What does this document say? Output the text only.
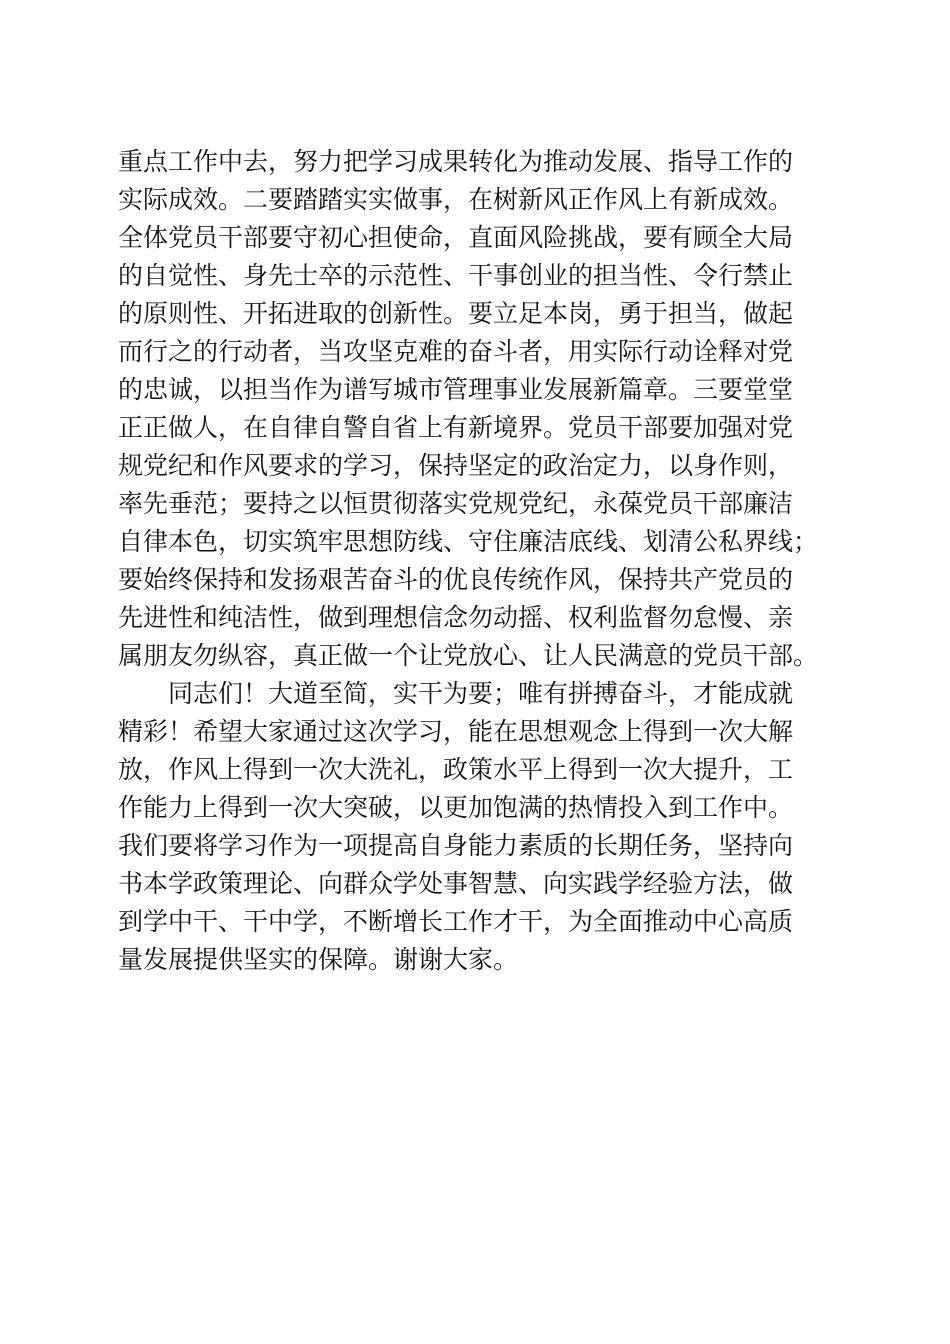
重点工作中去，努力把学习成果转化为推动发展、指导工作的
实际成效。二要踏踏实实做事，在树新风正作风上有新成效。
全体党员干部要守初心担使命，直面风险挑战，要有顾全大局
的自觉性、身先士卒的示范性、干事创业的担当性、令行禁止
的原则性、开拓进取的创新性。要立足本岗，勇于担当，做起
而行之的行动者，当攻坚克难的奋斗者，用实际行动诠释对党
的忠诚，以担当作为谱写城市管理事业发展新篇章。三要堂堂
正正做人，在自律自警自省上有新境界。党员干部要加强对党
规党纪和作风要求的学习，保持坚定的政治定力，以身作则，
率先垂范；要持之以恒贯彻落实党规党纪，永葆党员干部廉洁
自律本色，切实筑牢思想防线、守住廉洁底线、划清公私界线；
要始终保持和发扬艰苦奋斗的优良传统作风，保持共产党员的
先进性和纯洁性，做到理想信念勿动摇、权利监督勿怠慢、亲
属朋友勿纵容，真正做一个让党放心、让人民满意的党员干部。
　　同志们！大道至简，实干为要；唯有拼搏奋斗，才能成就
精彩！希望大家通过这次学习，能在思想观念上得到一次大解
放，作风上得到一次大洗礼，政策水平上得到一次大提升，工
作能力上得到一次大突破，以更加饱满的热情投入到工作中。
我们要将学习作为一项提高自身能力素质的长期任务，坚持向
书本学政策理论、向群众学处事智慧、向实践学经验方法，做
到学中干、干中学，不断增长工作才干，为全面推动中心高质
量发展提供坚实的保障。谢谢大家。
